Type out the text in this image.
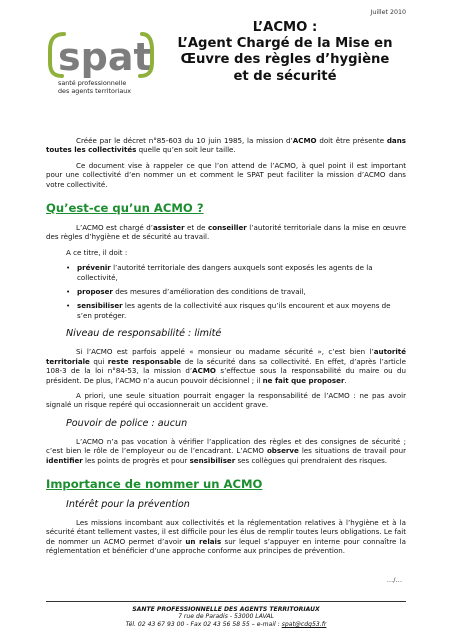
Juillet 2010
spat
santé professionnelle
des agents territoriaux
L’ACMO :
L’Agent Chargé de la Mise en
Œuvre des règles d’hygiène
et de sécurité

Créée par le décret n°85-603 du 10 juin 1985, la mission d’ACMO doit être présente dans toutes les collectivités quelle qu’en soit leur taille.

Ce document vise à rappeler ce que l’on attend de l’ACMO, à quel point il est important pour une collectivité d’en nommer un et comment le SPAT peut faciliter la mission d’ACMO dans votre collectivité.

Qu’est-ce qu’un ACMO ?

L’ACMO est chargé d’assister et de conseiller l’autorité territoriale dans la mise en œuvre des règles d’hygiène et de sécurité au travail.

A ce titre, il doit :

• prévenir l’autorité territoriale des dangers auxquels sont exposés les agents de la collectivité,
• proposer des mesures d’amélioration des conditions de travail,
• sensibiliser les agents de la collectivité aux risques qu’ils encourent et aux moyens de s’en protéger.
Niveau de responsabilité : limité

Si l’ACMO est parfois appelé « monsieur ou madame sécurité », c’est bien l’autorité territoriale qui reste responsable de la sécurité dans sa collectivité. En effet, d’après l’article 108-3 de la loi n°84-53, la mission d’ACMO s’effectue sous la responsabilité du maire ou du président. De plus, l’ACMO n’a aucun pouvoir décisionnel ; il ne fait que proposer.

A priori, une seule situation pourrait engager la responsabilité de l’ACMO : ne pas avoir signalé un risque repéré qui occasionnerait un accident grave.

Pouvoir de police : aucun

L’ACMO n’a pas vocation à vérifier l’application des règles et des consignes de sécurité ; c’est bien le rôle de l’employeur ou de l’encadrant. L’ACMO observe les situations de travail pour identifier les points de progrès et pour sensibiliser ses collègues qui prendraient des risques.

Importance de nommer un ACMO
Intérêt pour la prévention

Les missions incombant aux collectivités et la réglementation relatives à l’hygiène et à la sécurité étant tellement vastes, il est difficile pour les élus de remplir toutes leurs obligations. Le fait de nommer un ACMO permet d’avoir un relais sur lequel s’appuyer en interne pour connaître la réglementation et bénéficier d’une approche conforme aux principes de prévention.

…/…
SANTE PROFESSIONNELLE DES AGENTS TERRITORIAUX
7 rue de Paradis - 53000 LAVAL
Tél. 02 43 67 93 00 - Fax 02 43 56 58 55 – e-mail : spat@cdg53.fr
